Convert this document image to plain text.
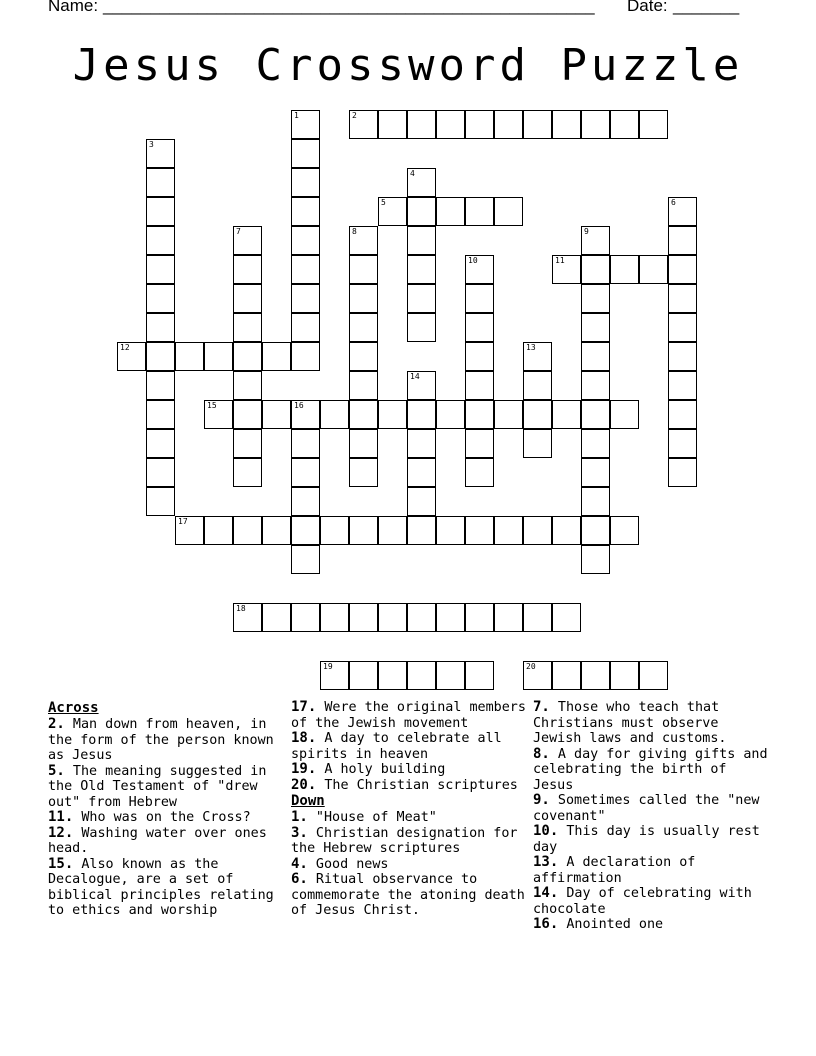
Name: ____________________________________________________ Date: _______
Jesus Crossword Puzzle
1	2
3
4
5	6
7	8	9
10	11
12	13
14
15	16
17
18
19	20
Across
2. Man down from heaven, in the form of the person known as Jesus
5. The meaning suggested in the Old Testament of "drew out" from Hebrew
11. Who was on the Cross?
12. Washing water over ones head.
15. Also known as the Decalogue, are a set of biblical principles relating to ethics and worship
17. Were the original members of the Jewish movement
18. A day to celebrate all spirits in heaven
19. A holy building
20. The Christian scriptures
Down
1. "House of Meat"
3. Christian designation for the Hebrew scriptures
4. Good news
6. Ritual observance to commemorate the atoning death of Jesus Christ.
7. Those who teach that Christians must observe Jewish laws and customs.
8. A day for giving gifts and celebrating the birth of Jesus
9. Sometimes called the "new covenant"
10. This day is usually rest day
13. A declaration of affirmation
14. Day of celebrating with chocolate
16. Anointed one
